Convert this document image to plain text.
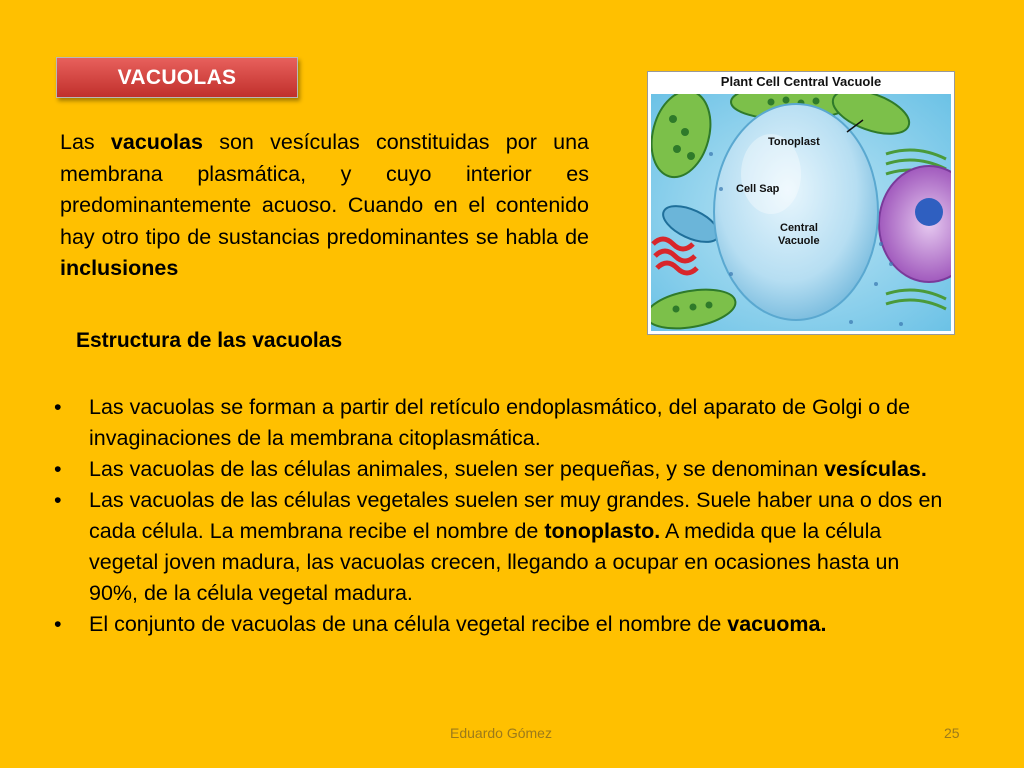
VACUOLAS

Las vacuolas son vesículas constituidas por una membrana plasmática, y cuyo interior es predominantemente acuoso. Cuando en el contenido hay otro tipo de sustancias predominantes se habla de inclusiones

Plant Cell Central Vacuole
Tonoplast
Cell Sap
Central
Vacuole
Estructura de las vacuolas
• Las vacuolas se forman a partir del retículo endoplasmático, del aparato de Golgi o de invaginaciones de la membrana citoplasmática.
• Las vacuolas de las células animales, suelen ser pequeñas, y se denominan vesículas.
• Las vacuolas de las células vegetales suelen ser muy grandes. Suele haber una o dos en cada célula. La membrana recibe el nombre de tonoplasto. A medida que la célula vegetal joven madura, las vacuolas crecen, llegando a ocupar en ocasiones hasta un 90%, de la célula vegetal madura.
• El conjunto de vacuolas de una célula vegetal recibe el nombre de vacuoma.
Eduardo Gómez	25
